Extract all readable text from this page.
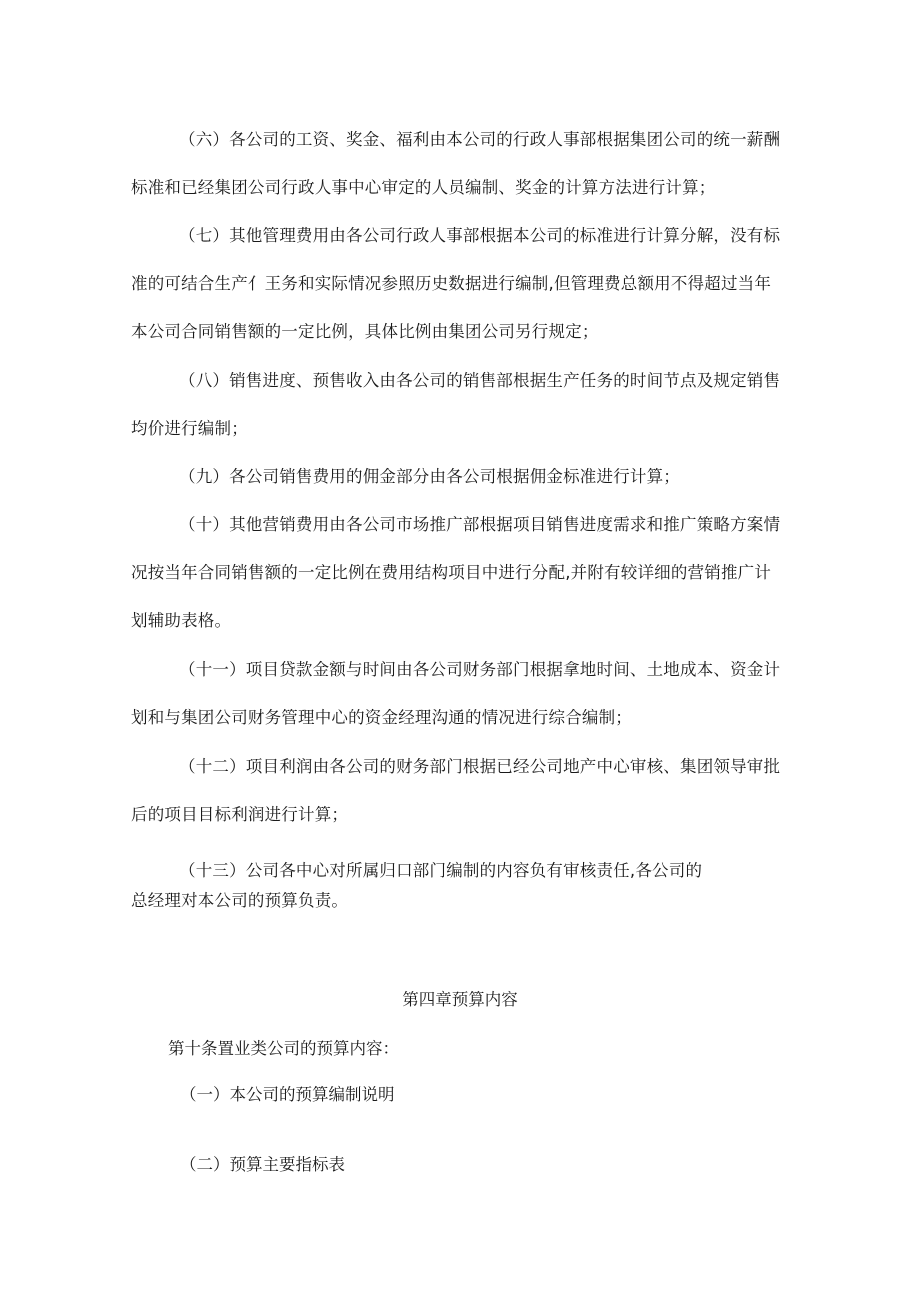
（六）各公司的工资、奖金、福利由本公司的行政人事部根据集团公司的统一薪酬
标准和已经集团公司行政人事中心审定的人员编制、奖金的计算方法进行计算；
（七）其他管理费用由各公司行政人事部根据本公司的标准进行计算分解，没有标
准的可结合生产亻王务和实际情况参照历史数据进行编制,但管理费总额用不得超过当年
本公司合同销售额的一定比例，具体比例由集团公司另行规定；
（八）销售进度、预售收入由各公司的销售部根据生产任务的时间节点及规定销售
均价进行编制；
（九）各公司销售费用的佣金部分由各公司根据佣金标准进行计算；
（十）其他营销费用由各公司市场推广部根据项目销售进度需求和推广策略方案情
况按当年合同销售额的一定比例在费用结构项目中进行分配,并附有较详细的营销推广计
划辅助表格。
（十一）项目贷款金额与时间由各公司财务部门根据拿地时间、土地成本、资金计
划和与集团公司财务管理中心的资金经理沟通的情况进行综合编制；
（十二）项目利润由各公司的财务部门根据已经公司地产中心审核、集团领导审批
后的项目目标利润进行计算；
（十三）公司各中心对所属归口部门编制的内容负有审核责任,各公司的
总经理对本公司的预算负责。

第四章预算内容

第十条置业类公司的预算内容：

（一）本公司的预算编制说明

（二）预算主要指标表
